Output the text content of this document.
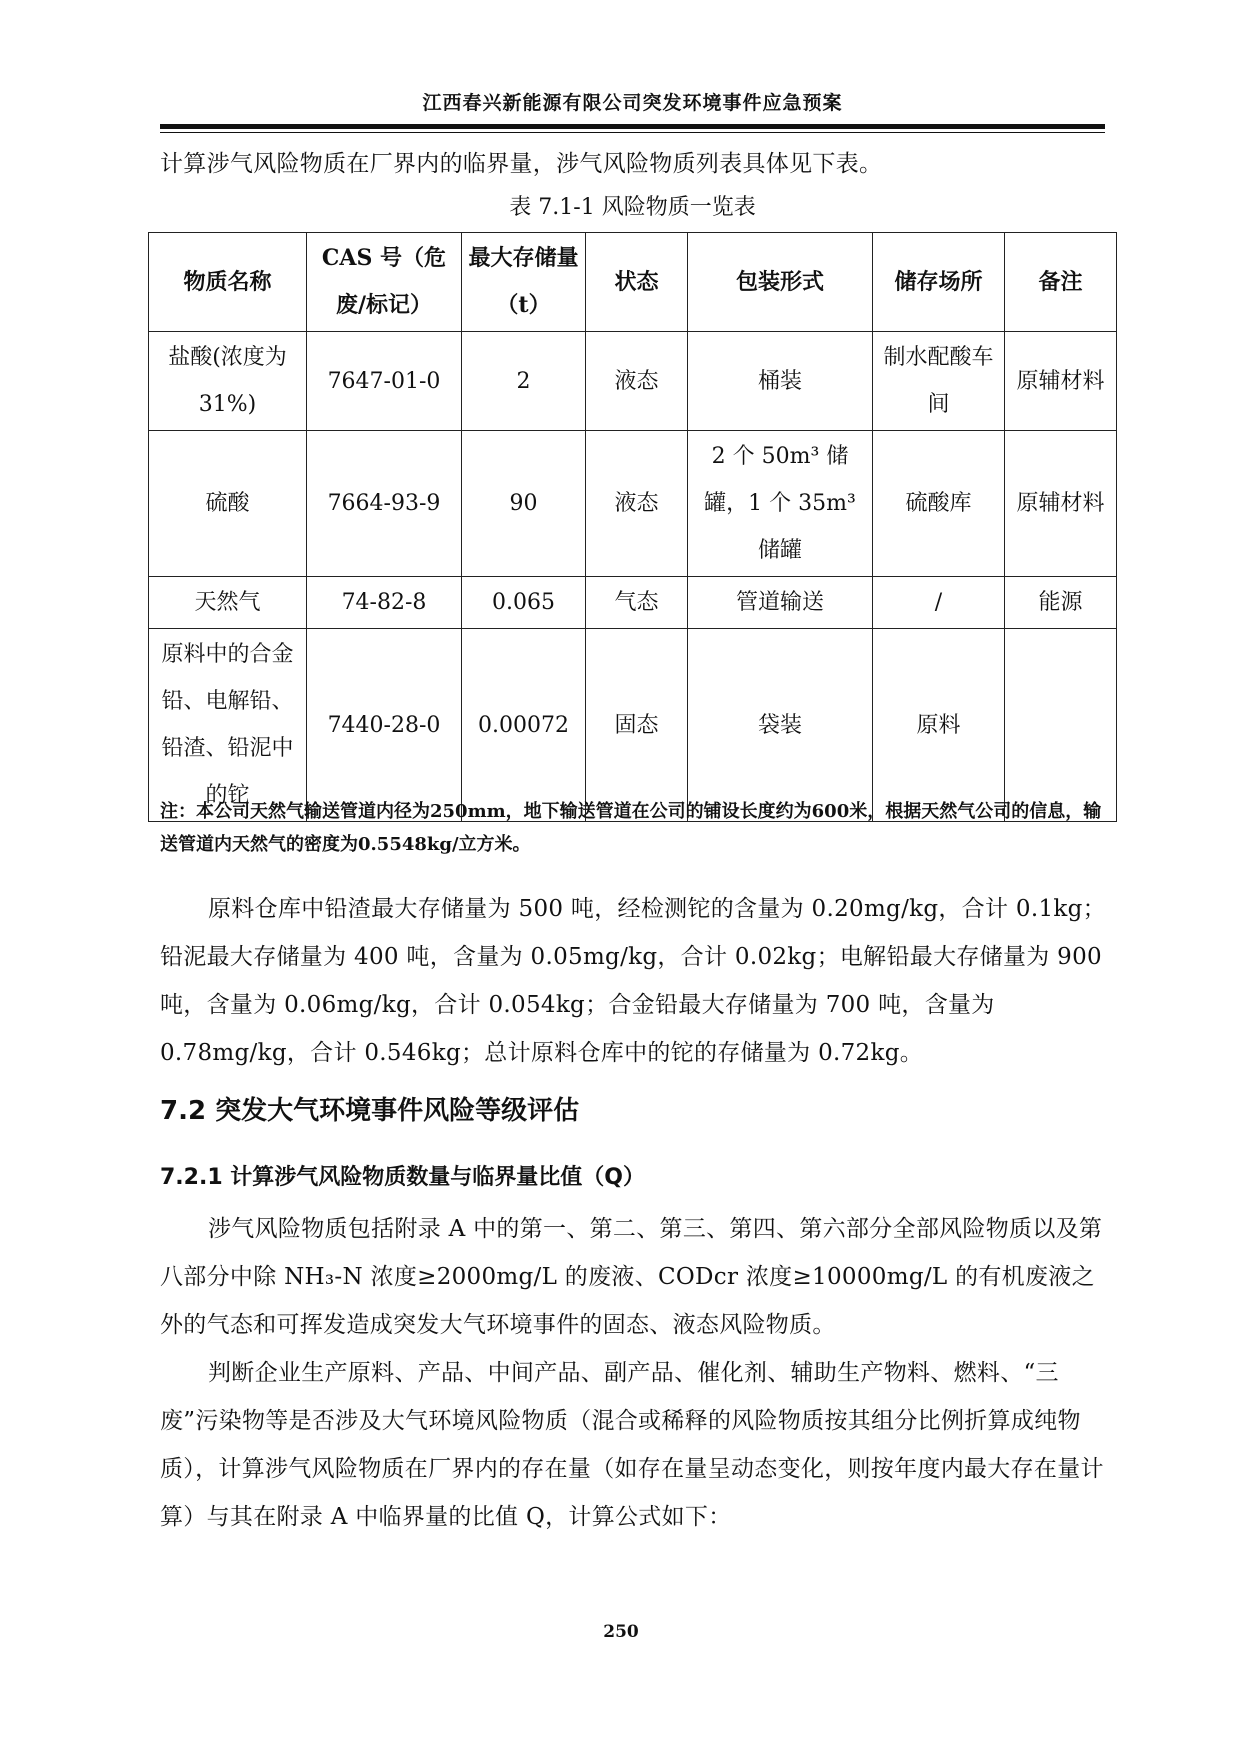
江西春兴新能源有限公司突发环境事件应急预案

计算涉气风险物质在厂界内的临界量，涉气风险物质列表具体见下表。

表 7.1-1 风险物质一览表
物质名称	CAS 号（危废/标记）	最大存储量（t）	状态	包装形式	储存场所	备注
盐酸(浓度为31%)	7647-01-0	2	液态	桶装	制水配酸车间	原辅材料
硫酸	7664-93-9	90	液态	2 个 50m³ 储罐，1 个 35m³ 储罐	硫酸库	原辅材料
天然气	74-82-8	0.065	气态	管道输送	/	能源
原料中的合金铅、电解铅、铅渣、铅泥中的铊	7440-28-0	0.00072	固态	袋装	原料	
注：本公司天然气输送管道内径为250mm，地下输送管道在公司的铺设长度约为600米，根据天然气公司的信息，输送管道内天然气的密度为0.5548kg/立方米。

原料仓库中铅渣最大存储量为 500 吨，经检测铊的含量为 0.20mg/kg，合计 0.1kg；铅泥最大存储量为 400 吨，含量为 0.05mg/kg，合计 0.02kg；电解铅最大存储量为 900 吨，含量为 0.06mg/kg，合计 0.054kg；合金铅最大存储量为 700 吨，含量为 0.78mg/kg，合计 0.546kg；总计原料仓库中的铊的存储量为 0.72kg。

7.2 突发大气环境事件风险等级评估
7.2.1 计算涉气风险物质数量与临界量比值（Q）

涉气风险物质包括附录 A 中的第一、第二、第三、第四、第六部分全部风险物质以及第八部分中除 NH₃-N 浓度≥2000mg/L 的废液、CODcr 浓度≥10000mg/L 的有机废液之外的气态和可挥发造成突发大气环境事件的固态、液态风险物质。

判断企业生产原料、产品、中间产品、副产品、催化剂、辅助生产物料、燃料、“三废”污染物等是否涉及大气环境风险物质（混合或稀释的风险物质按其组分比例折算成纯物质），计算涉气风险物质在厂界内的存在量（如存在量呈动态变化，则按年度内最大存在量计算）与其在附录 A 中临界量的比值 Q，计算公式如下：

250
